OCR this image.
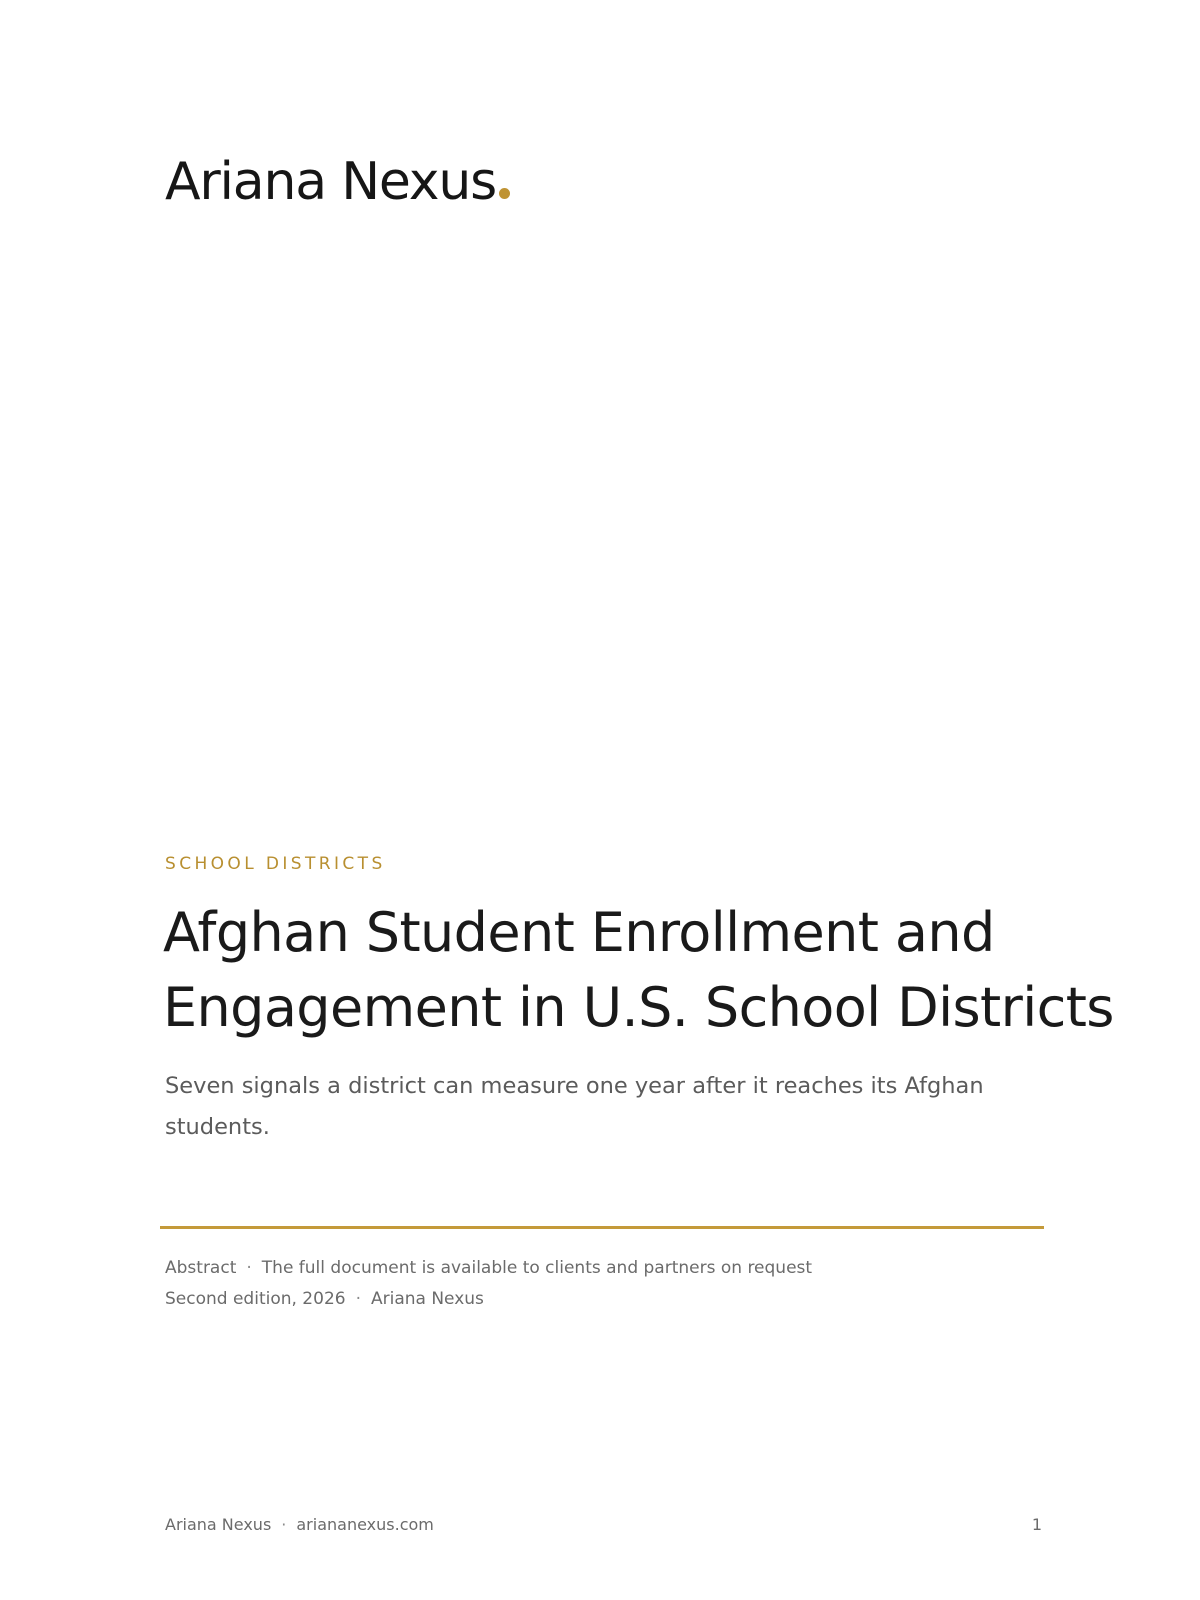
Ariana Nexus
SCHOOL DISTRICTS
Afghan Student Enrollment and
Engagement in U.S. School Districts
Seven signals a district can measure one year after it reaches its Afghan students.
Abstract · The full document is available to clients and partners on request
Second edition, 2026 · Ariana Nexus
Ariana Nexus · ariananexus.com	1
